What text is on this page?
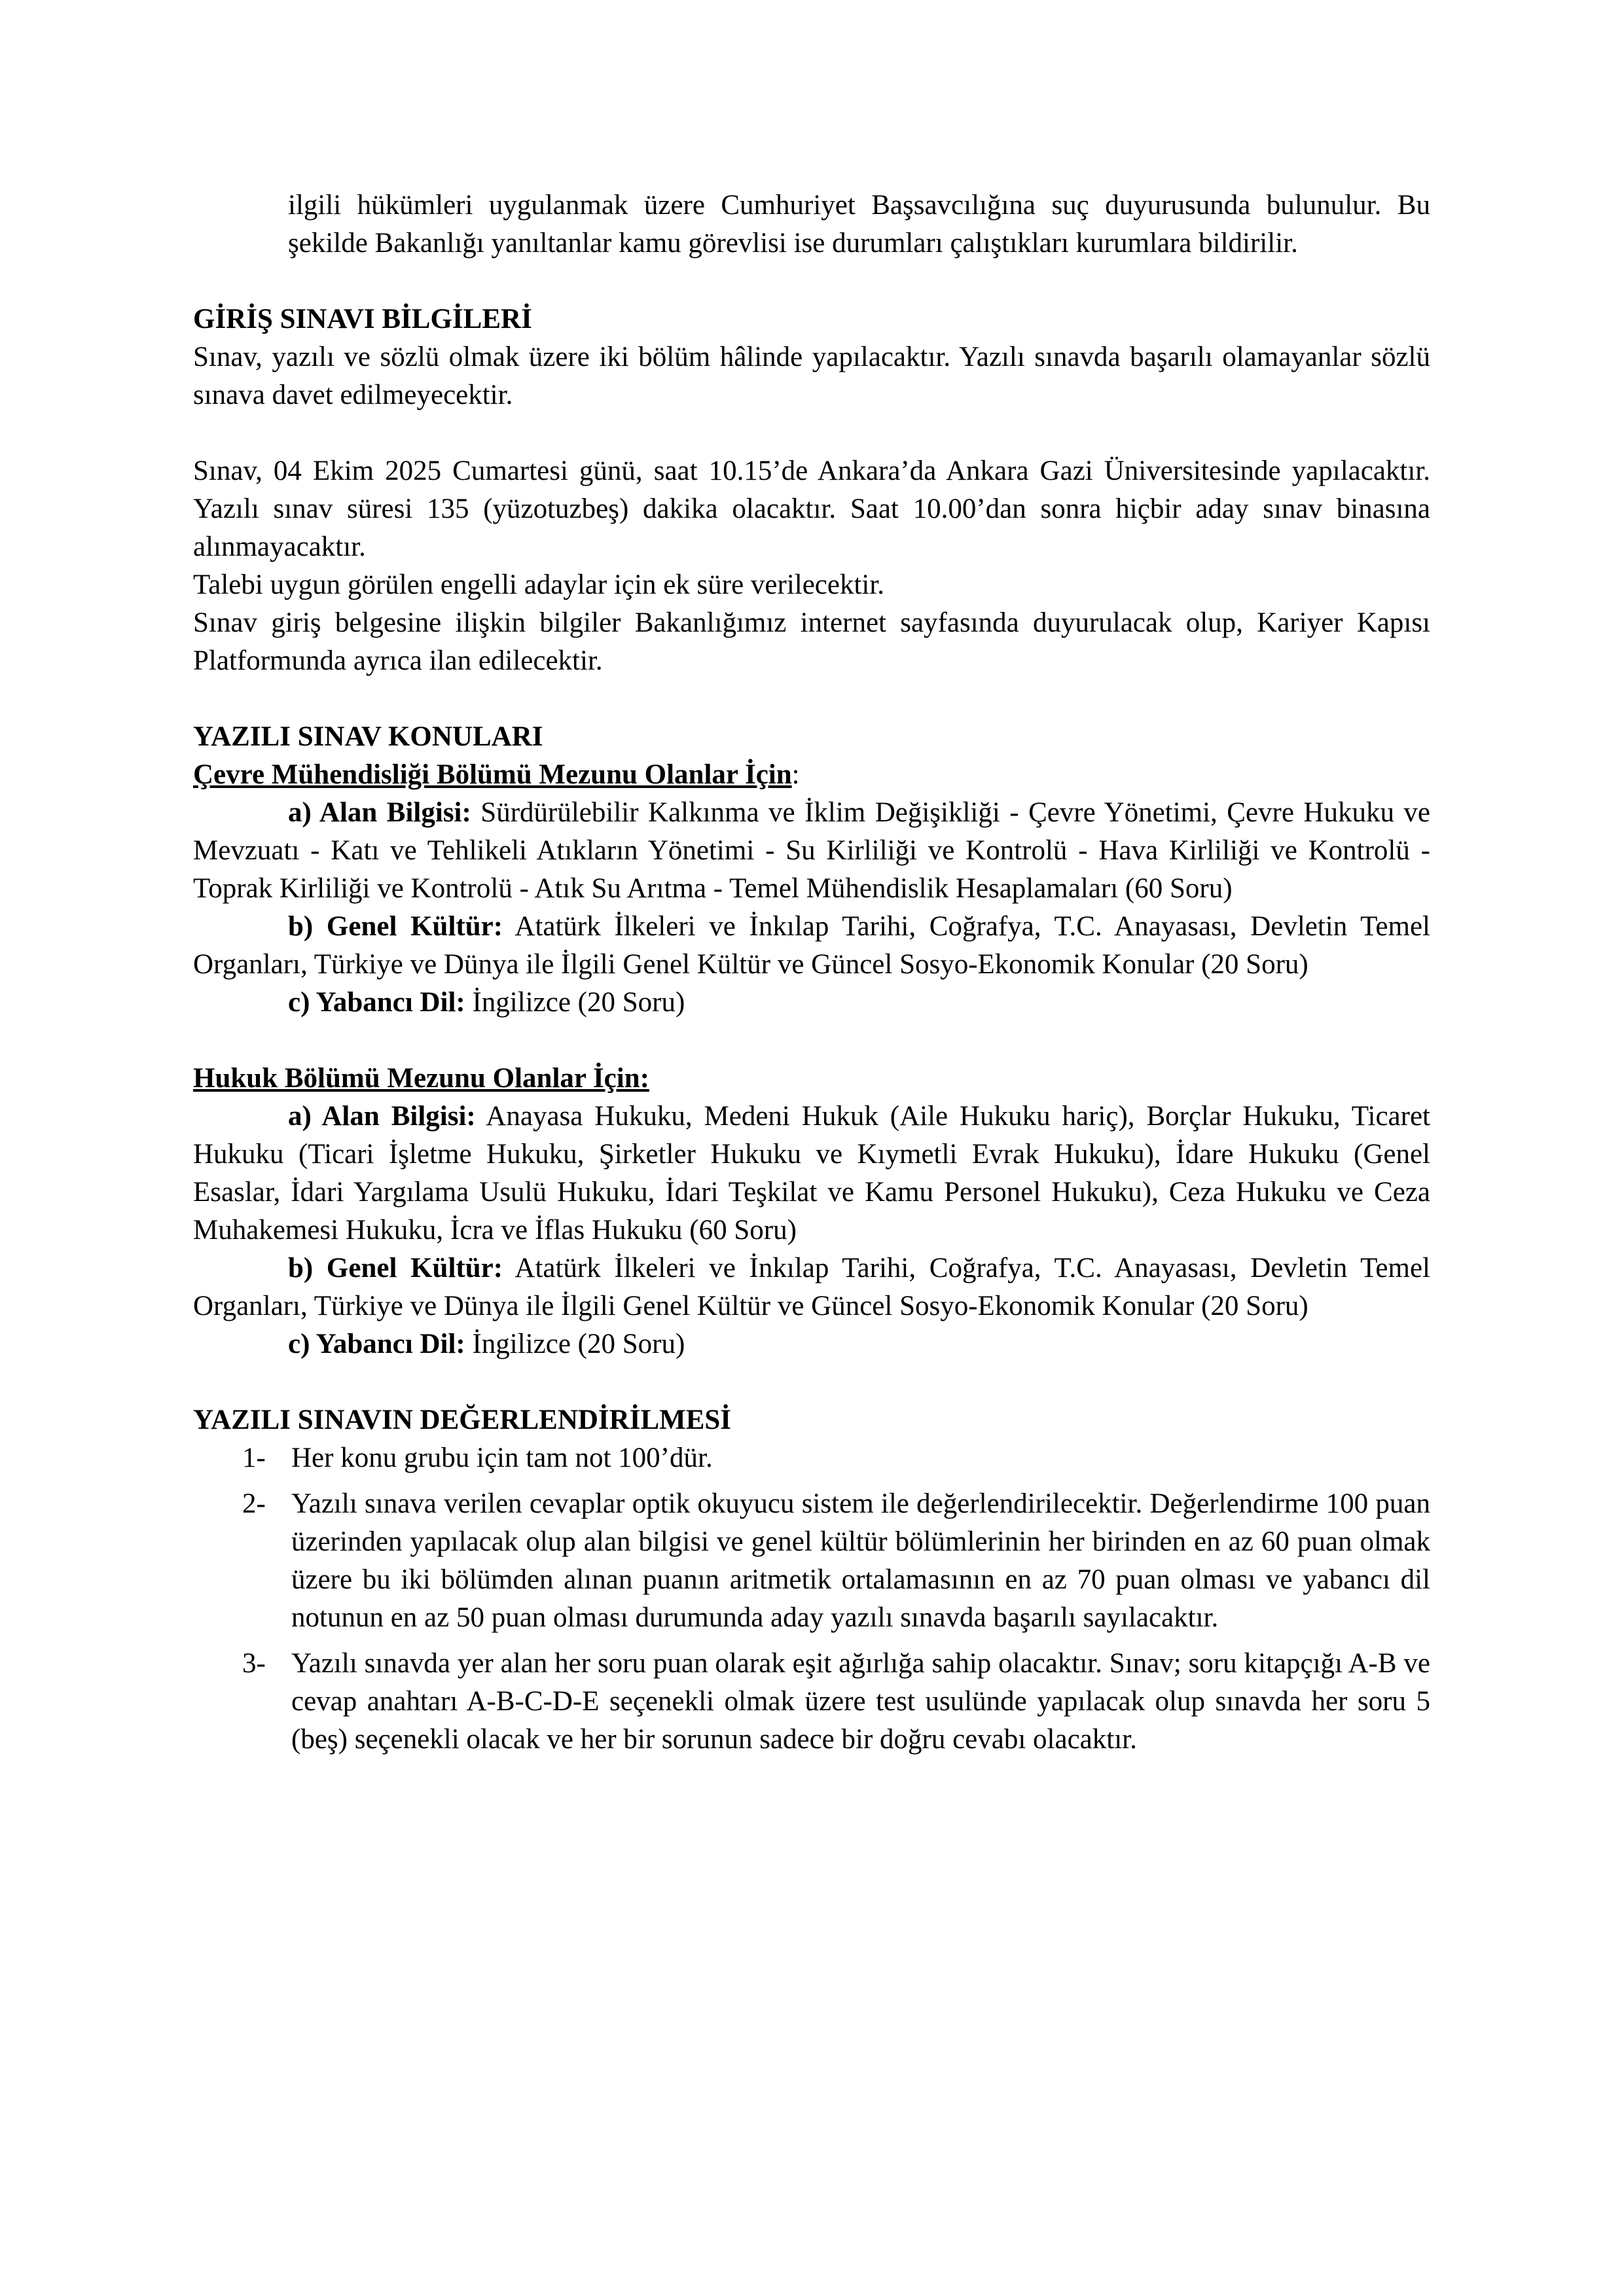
ilgili hükümleri uygulanmak üzere Cumhuriyet Başsavcılığına suç duyurusunda bulunulur. Bu şekilde Bakanlığı yanıltanlar kamu görevlisi ise durumları çalıştıkları kurumlara bildirilir.

GİRİŞ SINAVI BİLGİLERİ

Sınav, yazılı ve sözlü olmak üzere iki bölüm hâlinde yapılacaktır. Yazılı sınavda başarılı olamayanlar sözlü sınava davet edilmeyecektir.

Sınav, 04 Ekim 2025 Cumartesi günü, saat 10.15’de Ankara’da Ankara Gazi Üniversitesinde yapılacaktır. Yazılı sınav süresi 135 (yüzotuzbeş) dakika olacaktır. Saat 10.00’dan sonra hiçbir aday sınav binasına alınmayacaktır.

Talebi uygun görülen engelli adaylar için ek süre verilecektir.

Sınav giriş belgesine ilişkin bilgiler Bakanlığımız internet sayfasında duyurulacak olup, Kariyer Kapısı Platformunda ayrıca ilan edilecektir.

YAZILI SINAV KONULARI

Çevre Mühendisliği Bölümü Mezunu Olanlar İçin:

a) Alan Bilgisi: Sürdürülebilir Kalkınma ve İklim Değişikliği - Çevre Yönetimi, Çevre Hukuku ve Mevzuatı - Katı ve Tehlikeli Atıkların Yönetimi - Su Kirliliği ve Kontrolü - Hava Kirliliği ve Kontrolü - Toprak Kirliliği ve Kontrolü - Atık Su Arıtma - Temel Mühendislik Hesaplamaları (60 Soru)

b) Genel Kültür: Atatürk İlkeleri ve İnkılap Tarihi, Coğrafya, T.C. Anayasası, Devletin Temel Organları, Türkiye ve Dünya ile İlgili Genel Kültür ve Güncel Sosyo-Ekonomik Konular (20 Soru)

c) Yabancı Dil: İngilizce (20 Soru)

Hukuk Bölümü Mezunu Olanlar İçin:

a) Alan Bilgisi: Anayasa Hukuku, Medeni Hukuk (Aile Hukuku hariç), Borçlar Hukuku, Ticaret Hukuku (Ticari İşletme Hukuku, Şirketler Hukuku ve Kıymetli Evrak Hukuku), İdare Hukuku (Genel Esaslar, İdari Yargılama Usulü Hukuku, İdari Teşkilat ve Kamu Personel Hukuku), Ceza Hukuku ve Ceza Muhakemesi Hukuku, İcra ve İflas Hukuku (60 Soru)

b) Genel Kültür: Atatürk İlkeleri ve İnkılap Tarihi, Coğrafya, T.C. Anayasası, Devletin Temel Organları, Türkiye ve Dünya ile İlgili Genel Kültür ve Güncel Sosyo-Ekonomik Konular (20 Soru)

c) Yabancı Dil: İngilizce (20 Soru)

YAZILI SINAVIN DEĞERLENDİRİLMESİ

1- Her konu grubu için tam not 100’dür.
2- Yazılı sınava verilen cevaplar optik okuyucu sistem ile değerlendirilecektir. Değerlendirme 100 puan üzerinden yapılacak olup alan bilgisi ve genel kültür bölümlerinin her birinden en az 60 puan olmak üzere bu iki bölümden alınan puanın aritmetik ortalamasının en az 70 puan olması ve yabancı dil notunun en az 50 puan olması durumunda aday yazılı sınavda başarılı sayılacaktır.
3- Yazılı sınavda yer alan her soru puan olarak eşit ağırlığa sahip olacaktır. Sınav; soru kitapçığı A-B ve cevap anahtarı A-B-C-D-E seçenekli olmak üzere test usulünde yapılacak olup sınavda her soru 5 (beş) seçenekli olacak ve her bir sorunun sadece bir doğru cevabı olacaktır.
